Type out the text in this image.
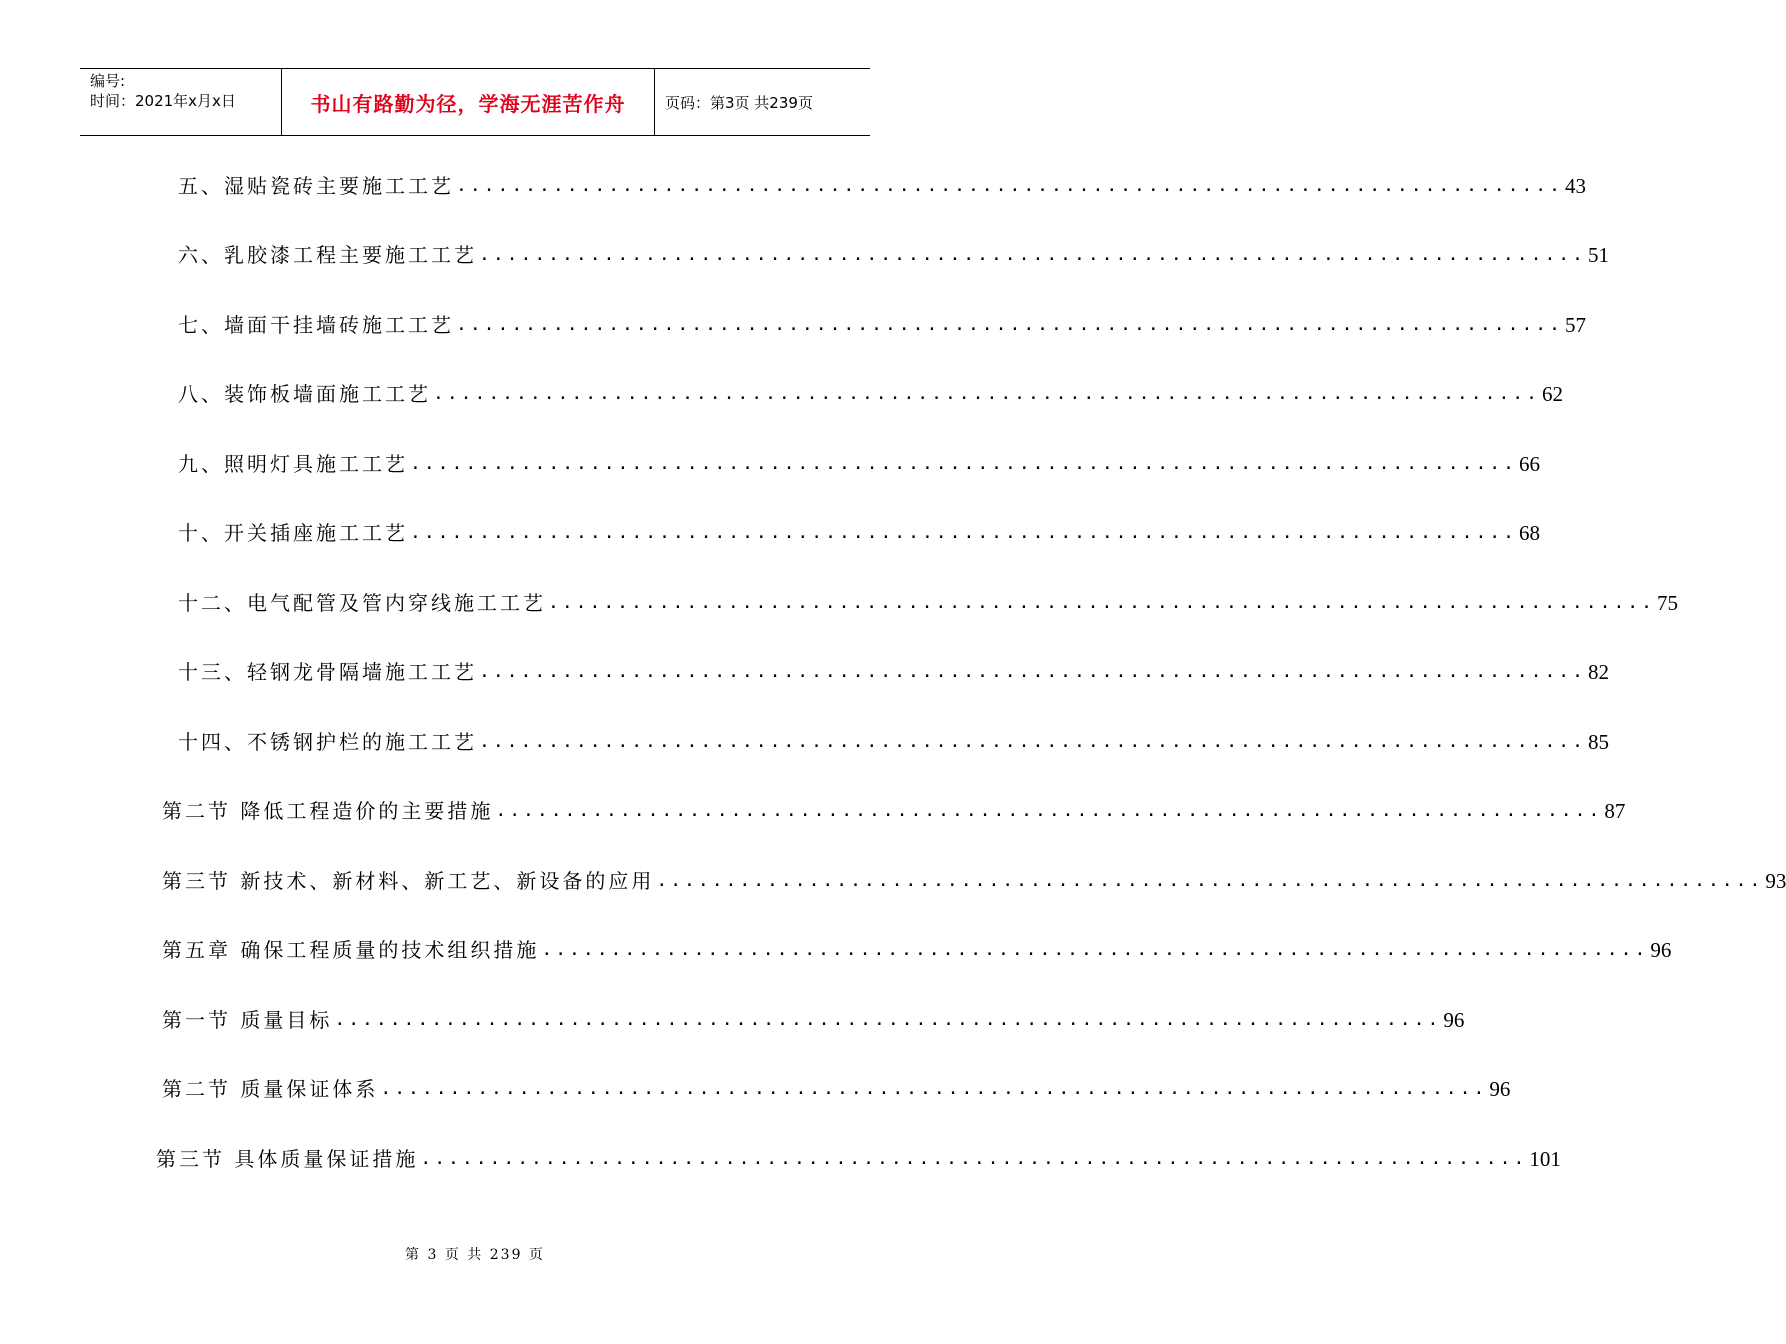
编号:
时间：2021年x月x日	书山有路勤为径，学海无涯苦作舟	页码：第3页 共239页
五、湿贴瓷砖主要施工工艺 ................................................................................ 43
六、乳胶漆工程主要施工工艺 ................................................................................ 51
七、墙面干挂墙砖施工工艺 ................................................................................ 57
八、装饰板墙面施工工艺 ................................................................................ 62
九、照明灯具施工工艺 ................................................................................ 66
十、开关插座施工工艺 ................................................................................ 68
十二、电气配管及管内穿线施工工艺 ................................................................................ 75
十三、轻钢龙骨隔墙施工工艺 ................................................................................ 82
十四、不锈钢护栏的施工工艺 ................................................................................ 85
第二节 降低工程造价的主要措施 ................................................................................ 87
第三节 新技术、新材料、新工艺、新设备的应用 ................................................................................ 93
第五章 确保工程质量的技术组织措施 ................................................................................ 96
第一节 质量目标 ................................................................................ 96
第二节 质量保证体系 ................................................................................ 96
第三节 具体质量保证措施 ................................................................................ 101
第 3 页 共 239 页
